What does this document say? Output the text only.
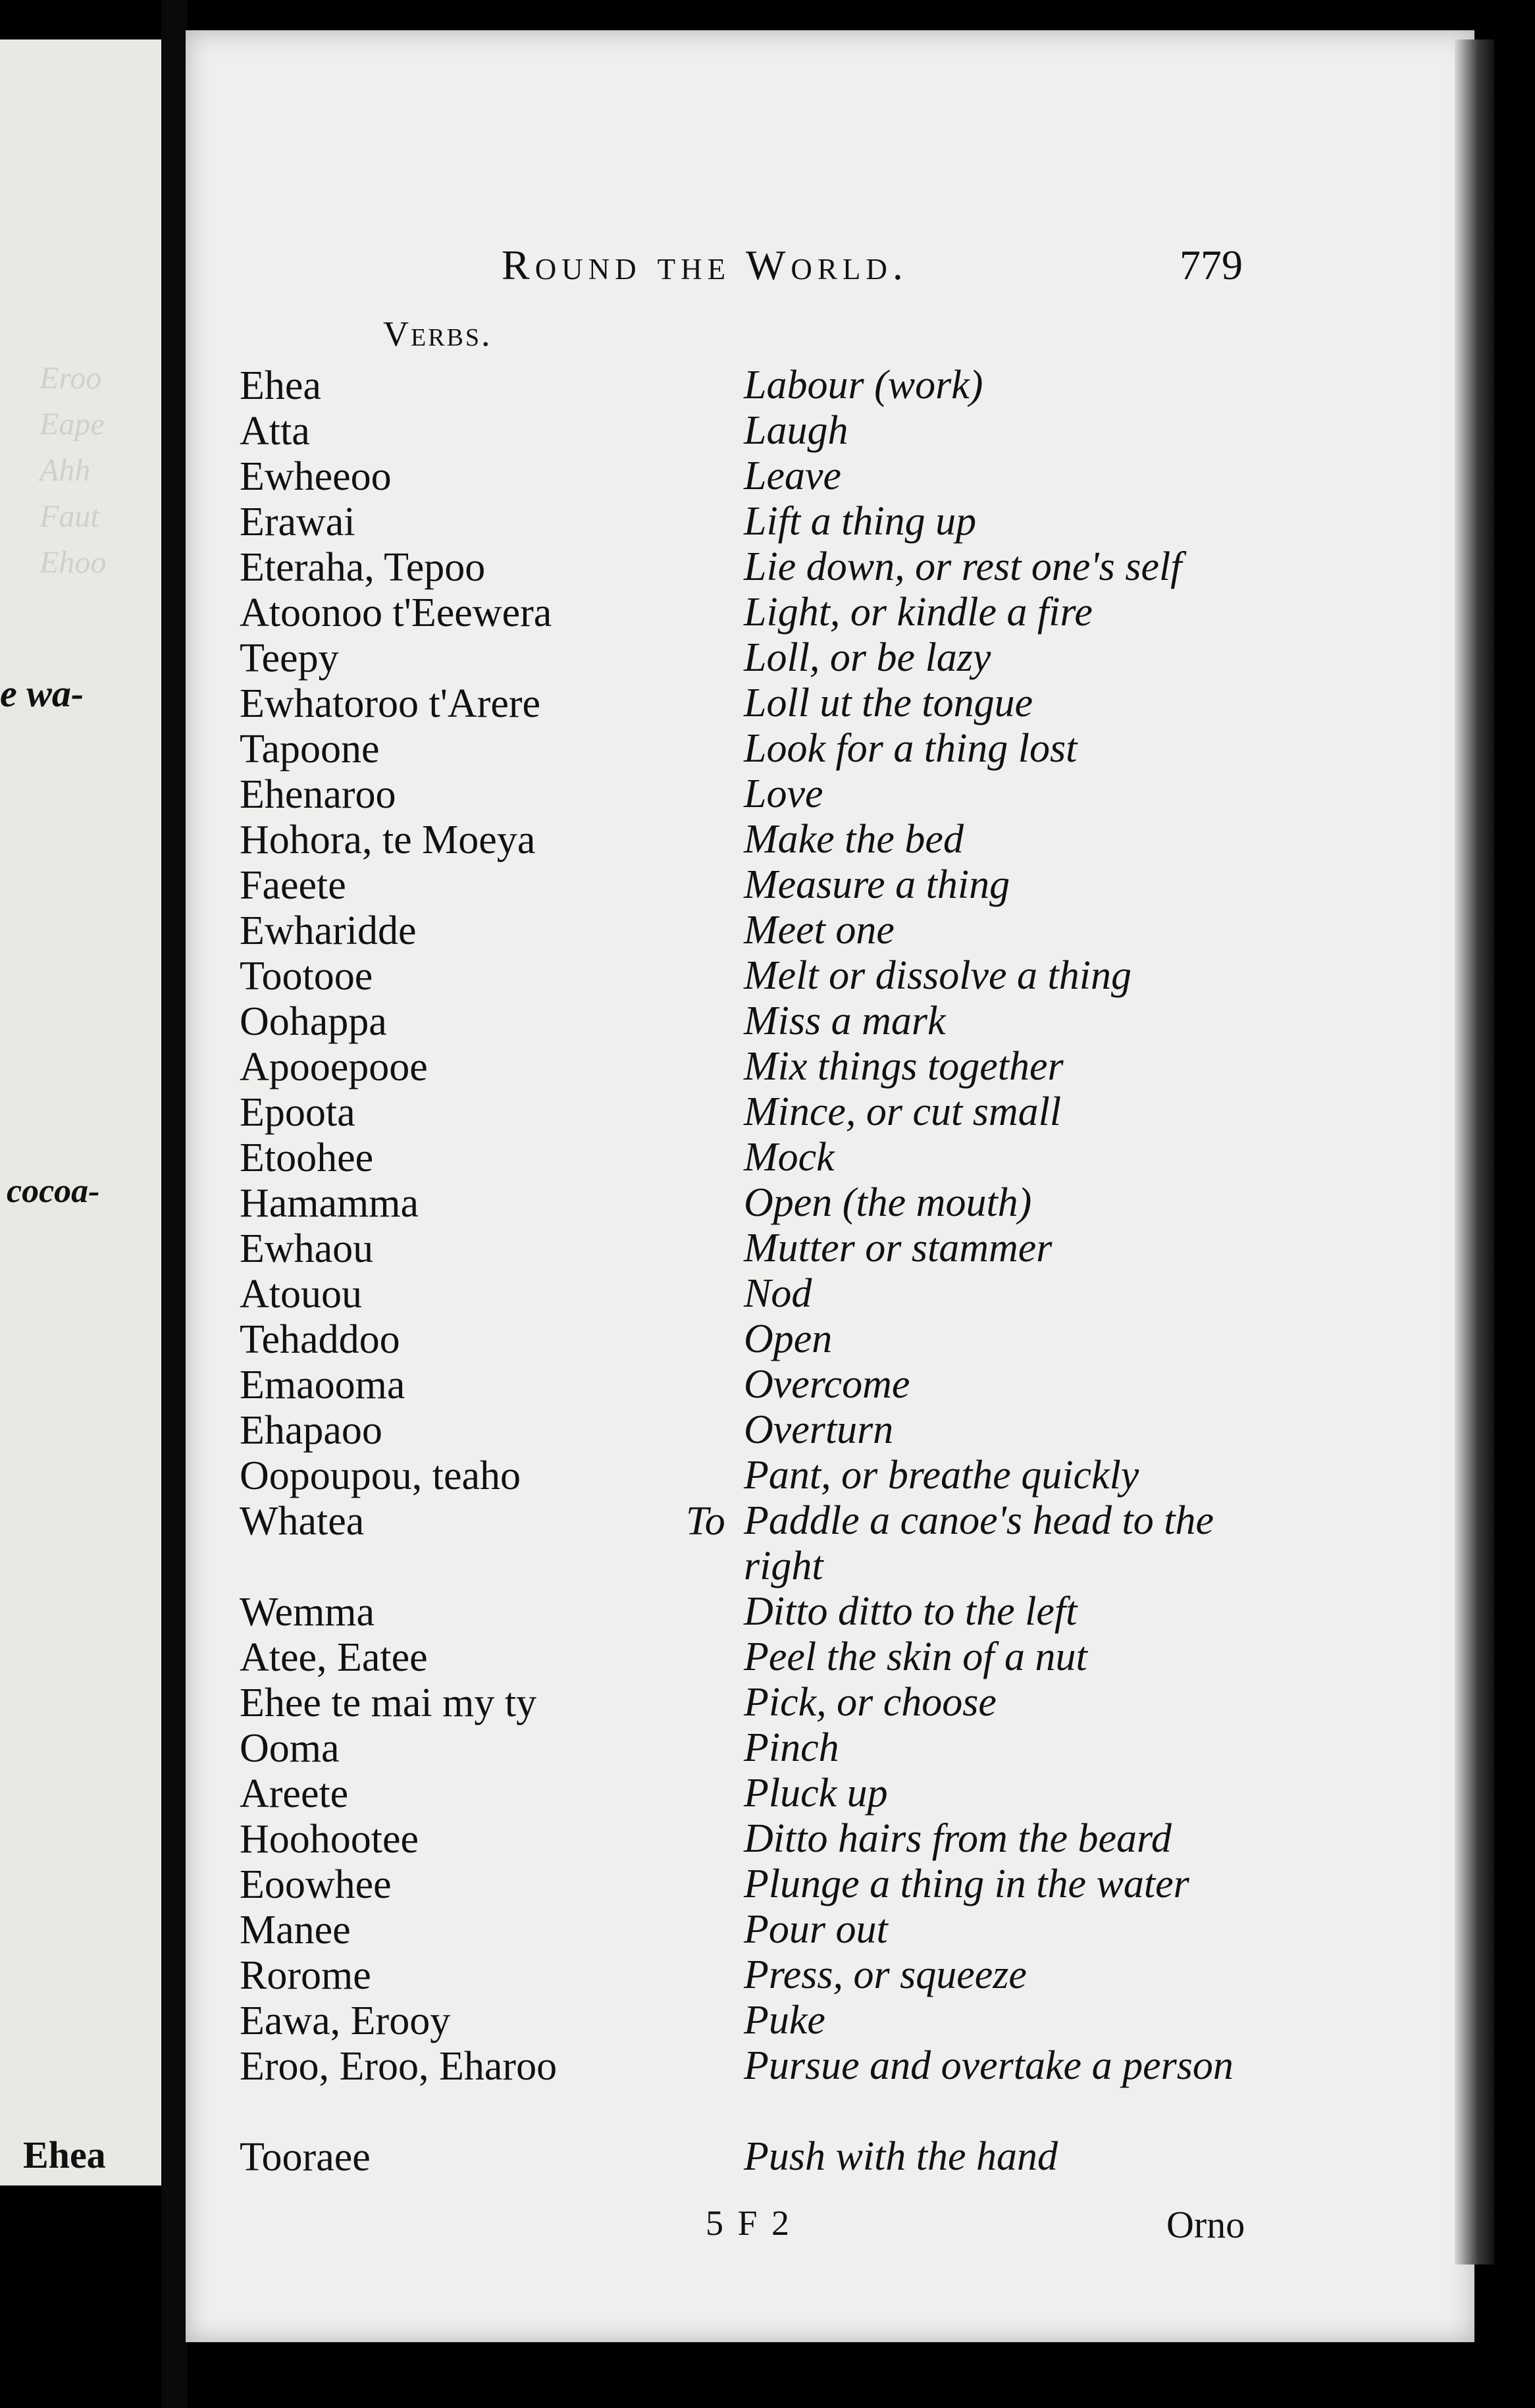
Eroo
Eape
Ahh
Faut
Ehoo
e wa-
cocoa-
Ehea
Round the World.	779
Verbs.
Ehea	Labour (work)
Atta	Laugh
Ewheeoo	Leave
Erawai	Lift a thing up
Eteraha, Tepoo	Lie down, or rest one's self
Atoonoo t'Eeewera	Light, or kindle a fire
Teepy	Loll, or be lazy
Ewhatoroo t'Arere	Loll ut the tongue
Tapoone	Look for a thing lost
Ehenaroo	Love
Hohora, te Moeya	Make the bed
Faeete	Measure a thing
Ewharidde	Meet one
Tootooe	Melt or dissolve a thing
Oohappa	Miss a mark
Apooepooe	Mix things together
Epoota	Mince, or cut small
Etoohee	Mock
Hamamma	Open (the mouth)
Ewhaou	Mutter or stammer
Atouou	Nod
Tehaddoo	Open
Emaooma	Overcome
Ehapaoo	Overturn
Oopoupou, teaho	Pant, or breathe quickly
Whatea	To Paddle a canoe's head to the right
Wemma	Ditto ditto to the left
Atee, Eatee	Peel the skin of a nut
Ehee te mai my ty	Pick, or choose
Ooma	Pinch
Areete	Pluck up
Hoohootee	Ditto hairs from the beard
Eoowhee	Plunge a thing in the water
Manee	Pour out
Rorome	Press, or squeeze
Eawa, Erooy	Puke
Eroo, Eroo, Eharoo	Pursue and overtake a person
Tooraee	Push with the hand
5 F 2	Orno
